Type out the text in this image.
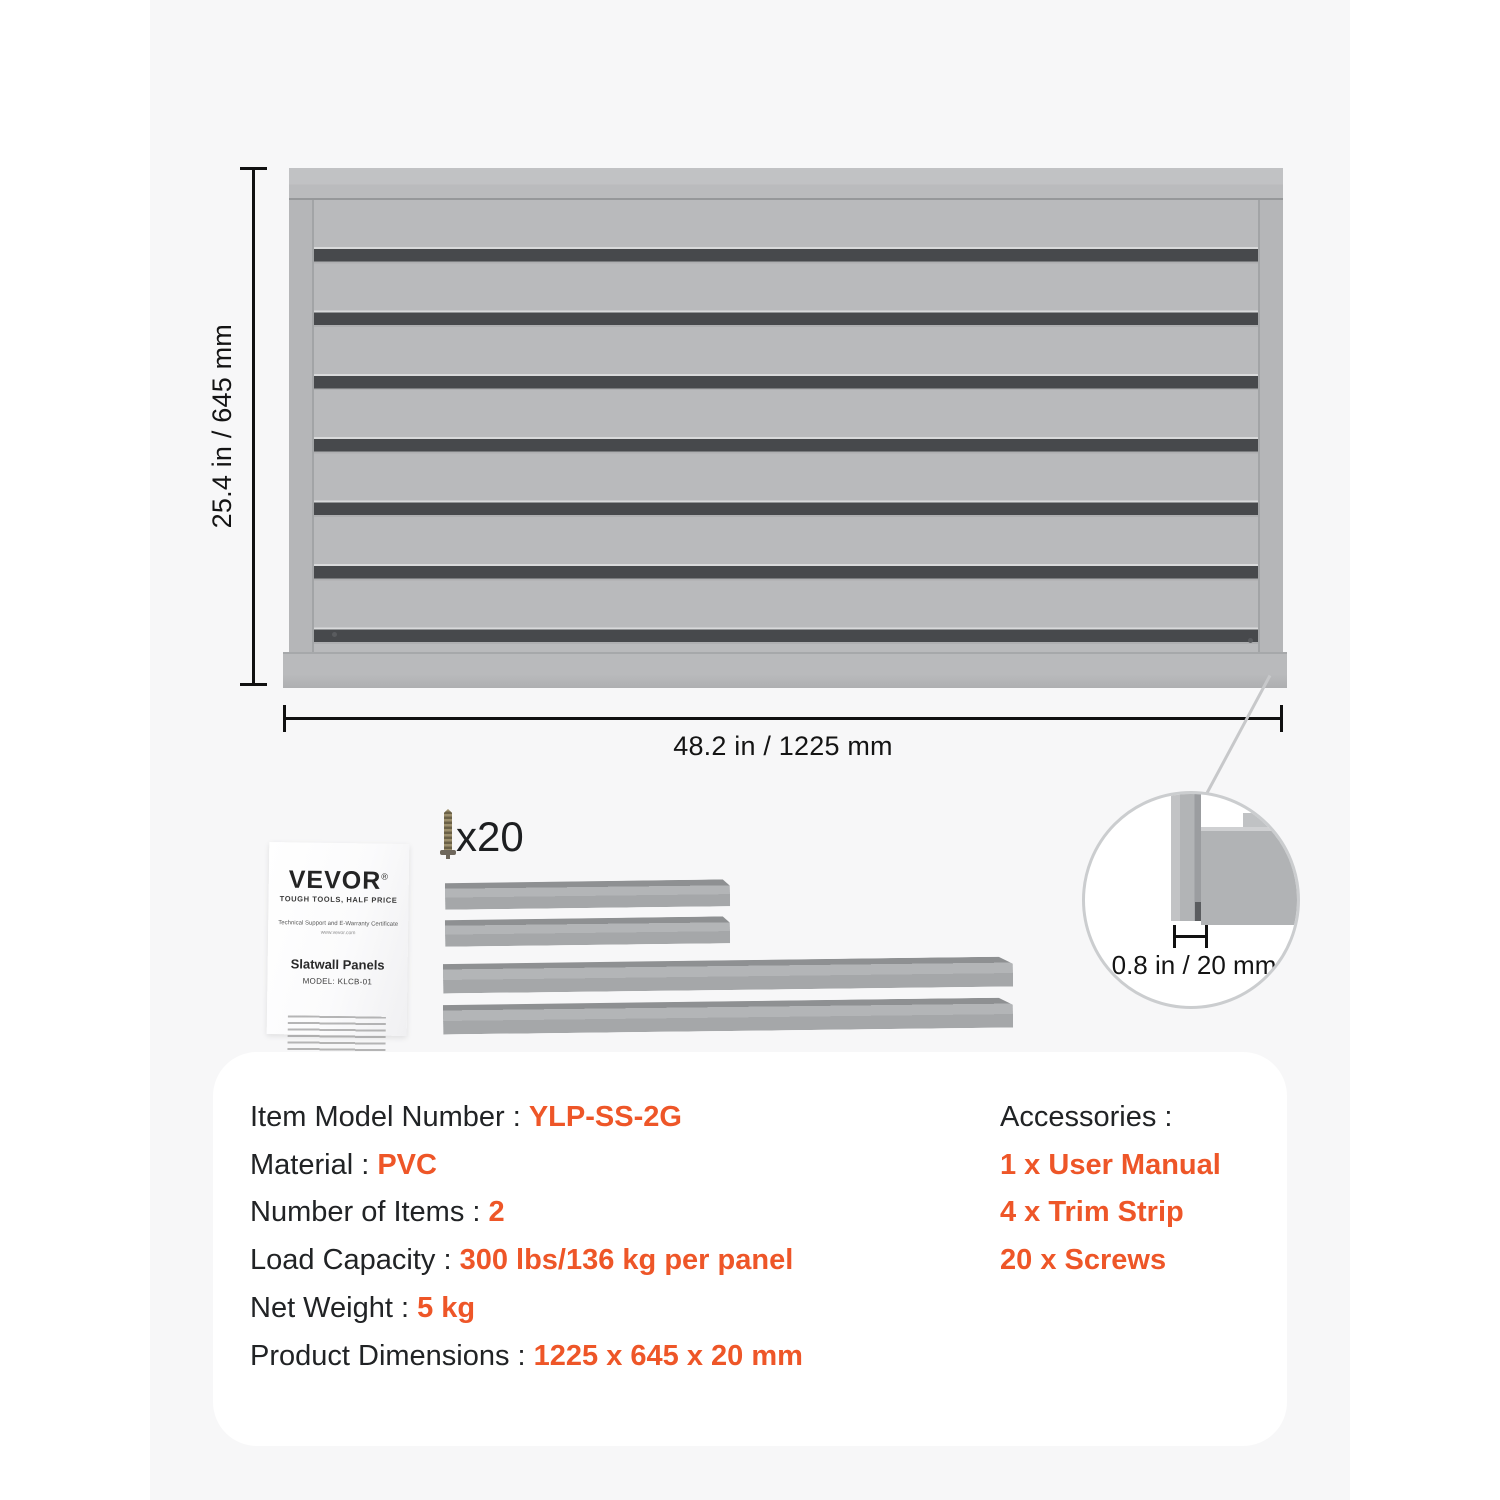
25.4 in / 645 mm
48.2 in / 1225 mm
VEVOR®
TOUGH TOOLS, HALF PRICE
Technical Support and E-Warranty Certificate
www.vevor.com
Slatwall Panels
MODEL: KLCB-01
x20
0.8 in / 20 mm
Item Model Number : YLP-SS-2G
Material : PVC
Number of Items : 2
Load Capacity : 300 lbs/136 kg per panel
Net Weight : 5 kg
Product Dimensions : 1225 x 645 x 20 mm
Accessories :
1 x User Manual
4 x Trim Strip
20 x Screws
